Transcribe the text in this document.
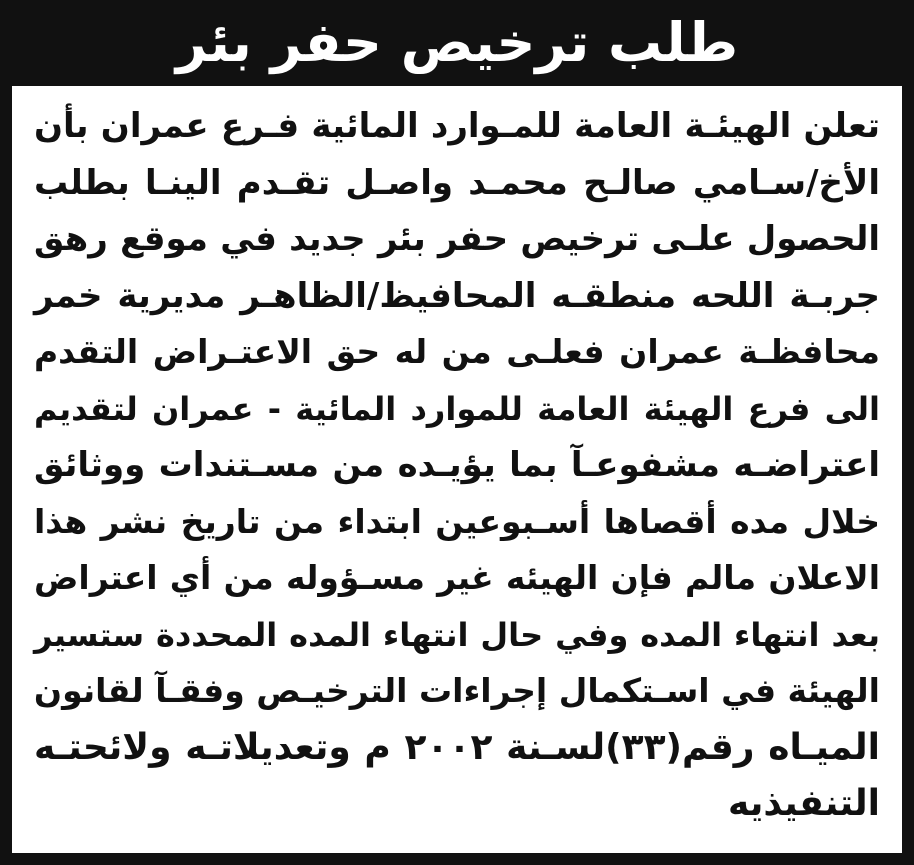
طلب ترخيص حفر بئر
تعلن الهيئـة العامة للمـوارد المائية فـرع عمران بأن
الأخ/سـامي صالـح محمـد واصـل تقـدم الينـا بطلب
الحصول علـى ترخيص حفر بئر جديد في موقع رهق
جربـة اللحه منطقـه المحافيظ/الظاهـر مديرية خمر
محافظـة عمران فعلـى من له حق الاعتـراض التقدم
الى فرع الهيئة العامة للموارد المائية - عمران لتقديم
اعتراضـه مشفوعـآ بما يؤيـده من مسـتندات ووثائق
خلال مده أقصاها أسـبوعين ابتداء من تاريخ نشر هذا
الاعلان مالم فإن الهيئه غير مسـؤوله من أي اعتراض
بعد انتهاء المده وفي حال انتهاء المده المحددة ستسير
الهيئة في اسـتكمال إجراءات الترخيـص وفقـآ لقانون
الميـاه رقم(٣٣)لسـنة ٢٠٠٢ م وتعديلاتـه ولائحتـه
التنفيذيه
